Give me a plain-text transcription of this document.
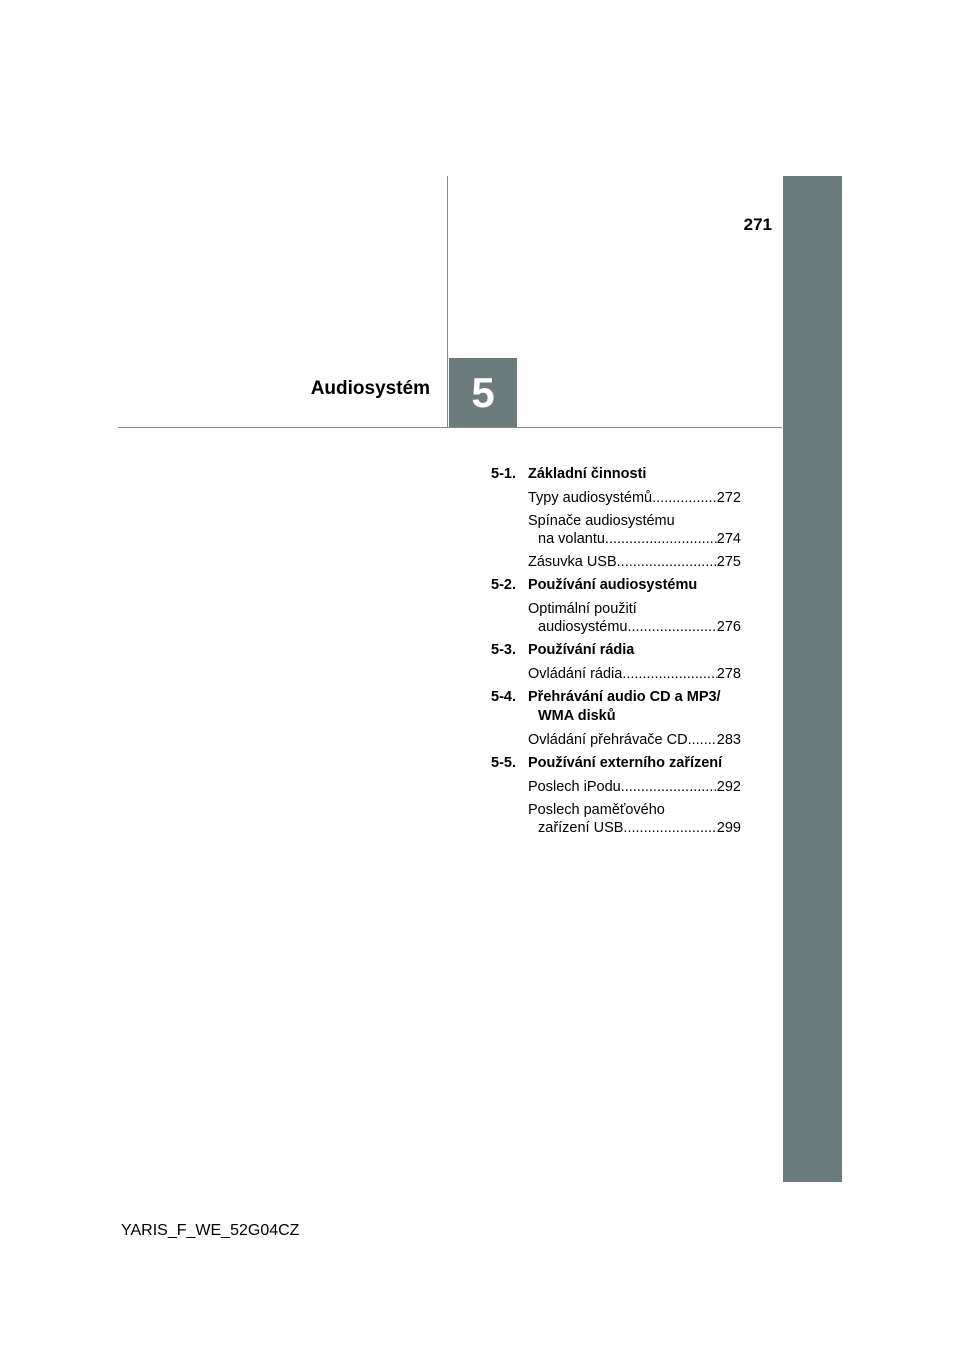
271
Audiosystém 5
5-1. Základní činnosti
Typy audiosystémů .....	272
Spínače audiosystému
na volantu .....	274
Zásuvka USB .....	275
5-2. Používání audiosystému
Optimální použití
audiosystému .....	276
5-3. Používání rádia
Ovládání rádia .....	278
5-4. Přehrávání audio CD a MP3/
WMA disků
Ovládání přehrávače CD ..... 283
5-5. Používání externího zařízení
Poslech iPodu .....	292
Poslech paměťového
zařízení USB .....	299
YARIS_F_WE_52G04CZ
